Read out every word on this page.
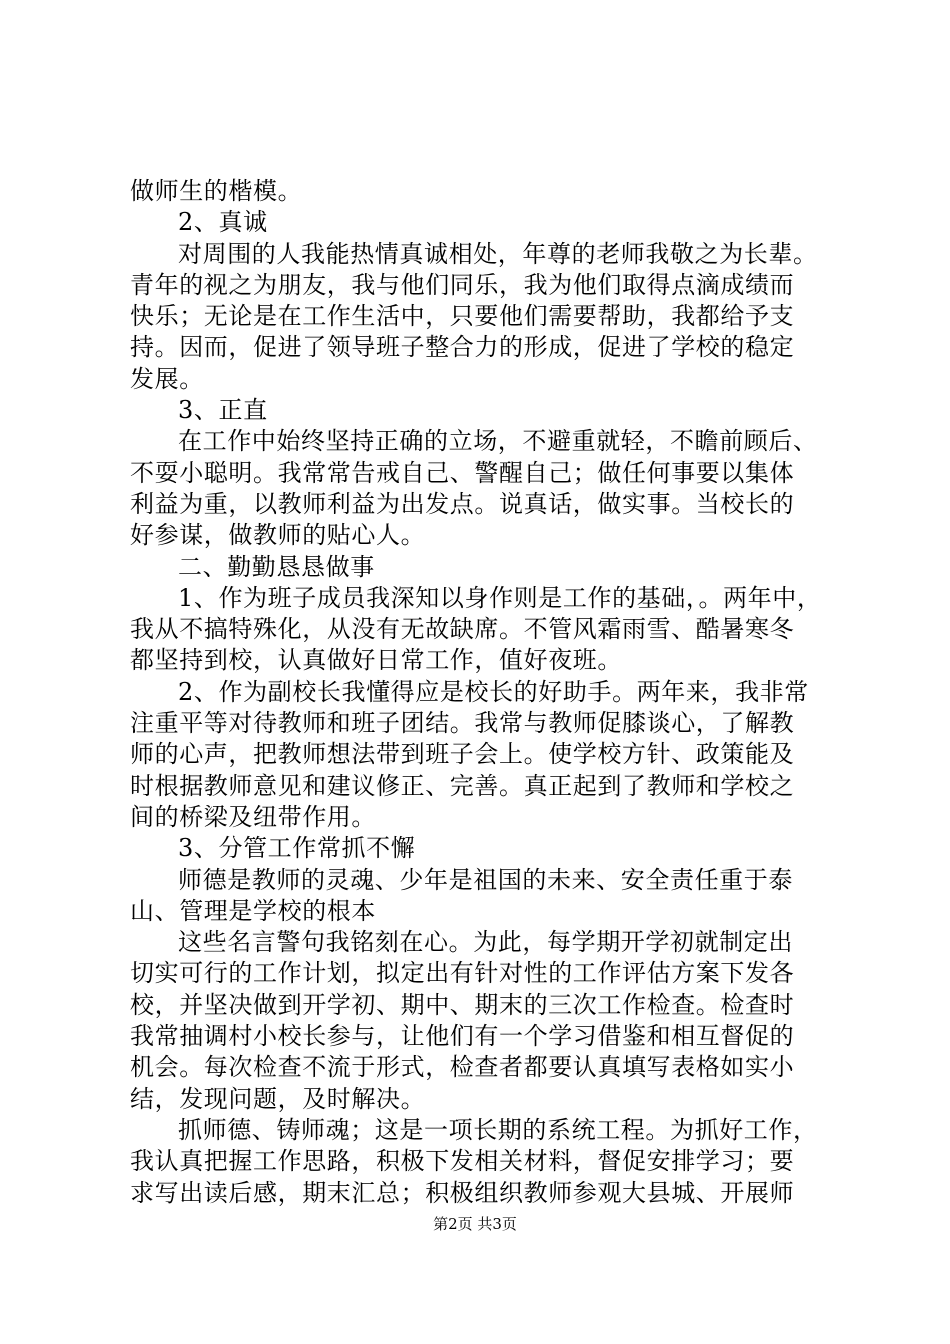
做师生的楷模。
2、真诚
对周围的人我能热情真诚相处，年尊的老师我敬之为长辈。
青年的视之为朋友，我与他们同乐，我为他们取得点滴成绩而
快乐；无论是在工作生活中，只要他们需要帮助，我都给予支
持。因而，促进了领导班子整合力的形成，促进了学校的稳定
发展。
3、正直
在工作中始终坚持正确的立场，不避重就轻，不瞻前顾后、
不耍小聪明。我常常告戒自己、警醒自己；做任何事要以集体
利益为重，以教师利益为出发点。说真话，做实事。当校长的
好参谋，做教师的贴心人。
二、勤勤恳恳做事
1、作为班子成员我深知以身作则是工作的基础，。两年中，
我从不搞特殊化，从没有无故缺席。不管风霜雨雪、酷暑寒冬
都坚持到校，认真做好日常工作，值好夜班。
2、作为副校长我懂得应是校长的好助手。两年来，我非常
注重平等对待教师和班子团结。我常与教师促膝谈心，了解教
师的心声，把教师想法带到班子会上。使学校方针、政策能及
时根据教师意见和建议修正、完善。真正起到了教师和学校之
间的桥梁及纽带作用。
3、分管工作常抓不懈
师德是教师的灵魂、少年是祖国的未来、安全责任重于泰
山、管理是学校的根本
这些名言警句我铭刻在心。为此，每学期开学初就制定出
切实可行的工作计划，拟定出有针对性的工作评估方案下发各
校，并坚决做到开学初、期中、期末的三次工作检查。检查时
我常抽调村小校长参与，让他们有一个学习借鉴和相互督促的
机会。每次检查不流于形式，检查者都要认真填写表格如实小
结，发现问题，及时解决。
抓师德、铸师魂；这是一项长期的系统工程。为抓好工作，
我认真把握工作思路，积极下发相关材料，督促安排学习；要
求写出读后感，期末汇总；积极组织教师参观大县城、开展师
第2页 共3页
